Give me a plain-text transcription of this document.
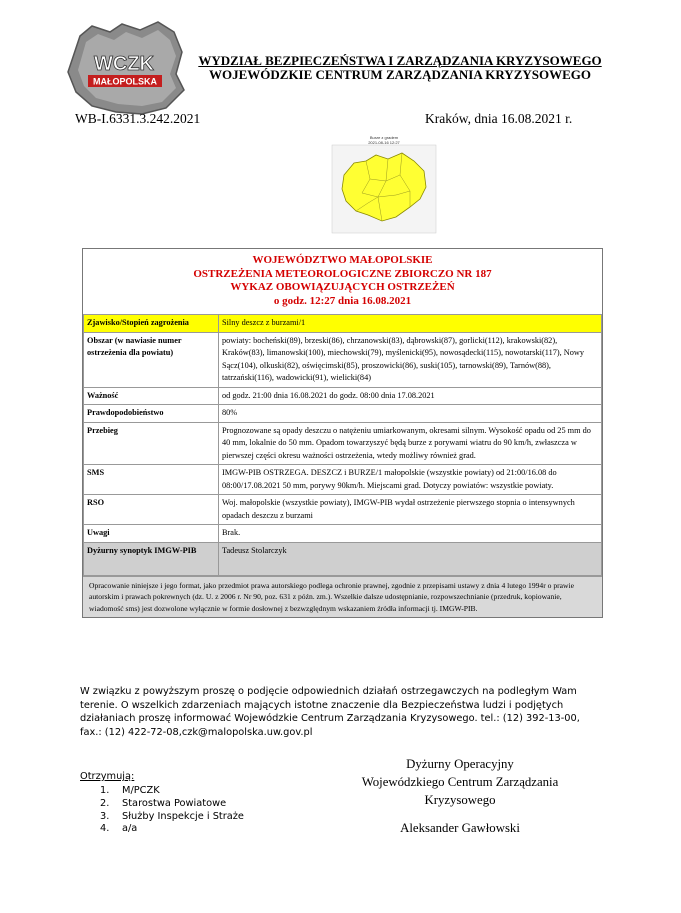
WCZK
MAŁOPOLSKA
WYDZIAŁ BEZPIECZEŃSTWA I ZARZĄDZANIA KRYZYSOWEGO
WOJEWÓDZKIE CENTRUM ZARZĄDZANIA KRYZYSOWEGO
WB-I.6331.3.242.2021	Kraków, dnia 16.08.2021 r.
Burze z gradem
2021-08-16 12:27
WOJEWÓDZTWO MAŁOPOLSKIE
OSTRZEŻENIA METEOROLOGICZNE ZBIORCZO NR 187
WYKAZ OBOWIĄZUJĄCYCH OSTRZEŻEŃ
o godz. 12:27 dnia 16.08.2021
Zjawisko/Stopień zagrożenia	Silny deszcz z burzami/1
Obszar (w nawiasie numer ostrzeżenia dla powiatu)	powiaty: bocheński(89), brzeski(86), chrzanowski(83), dąbrowski(87), gorlicki(112), krakowski(82), Kraków(83), limanowski(100), miechowski(79), myślenicki(95), nowosądecki(115), nowotarski(117), Nowy Sącz(104), olkuski(82), oświęcimski(85), proszowicki(86), suski(105), tarnowski(89), Tarnów(88), tatrzański(116), wadowicki(91), wielicki(84)
Ważność	od godz. 21:00 dnia 16.08.2021 do godz. 08:00 dnia 17.08.2021
Prawdopodobieństwo	80%
Przebieg	Prognozowane są opady deszczu o natężeniu umiarkowanym, okresami silnym. Wysokość opadu od 25 mm do 40 mm, lokalnie do 50 mm. Opadom towarzyszyć będą burze z porywami wiatru do 90 km/h, zwłaszcza w pierwszej części okresu ważności ostrzeżenia, wtedy możliwy również grad.
SMS	IMGW-PIB OSTRZEGA. DESZCZ i BURZE/1 małopolskie (wszystkie powiaty) od 21:00/16.08 do 08:00/17.08.2021 50 mm, porywy 90km/h. Miejscami grad. Dotyczy powiatów: wszystkie powiaty.
RSO	Woj. małopolskie (wszystkie powiaty), IMGW-PIB wydał ostrzeżenie pierwszego stopnia o intensywnych opadach deszczu z burzami
Uwagi	Brak.
Dyżurny synoptyk IMGW-PIB	Tadeusz Stolarczyk
Opracowanie niniejsze i jego format, jako przedmiot prawa autorskiego podlega ochronie prawnej, zgodnie z przepisami ustawy z dnia 4 lutego 1994r o prawie autorskim i prawach pokrewnych (dz. U. z 2006 r. Nr 90, poz. 631 z późn. zm.). Wszelkie dalsze udostępnianie, rozpowszechnianie (przedruk, kopiowanie, wiadomość sms) jest dozwolone wyłącznie w formie dosłownej z bezwzględnym wskazaniem źródła informacji tj. IMGW-PIB.
W związku z powyższym proszę o podjęcie odpowiednich działań ostrzegawczych na podległym Wam terenie. O wszelkich zdarzeniach mających istotne znaczenie dla Bezpieczeństwa ludzi i podjętych działaniach proszę informować Wojewódzkie Centrum Zarządzania Kryzysowego. tel.: (12) 392-13-00, fax.: (12) 422-72-08,czk@malopolska.uw.gov.pl
Otrzymują:
1. M/PCZK
2. Starostwa Powiatowe
3. Służby Inspekcje i Straże
4. a/a
Dyżurny Operacyjny
Wojewódzkiego Centrum Zarządzania
Kryzysowego
Aleksander Gawłowski
